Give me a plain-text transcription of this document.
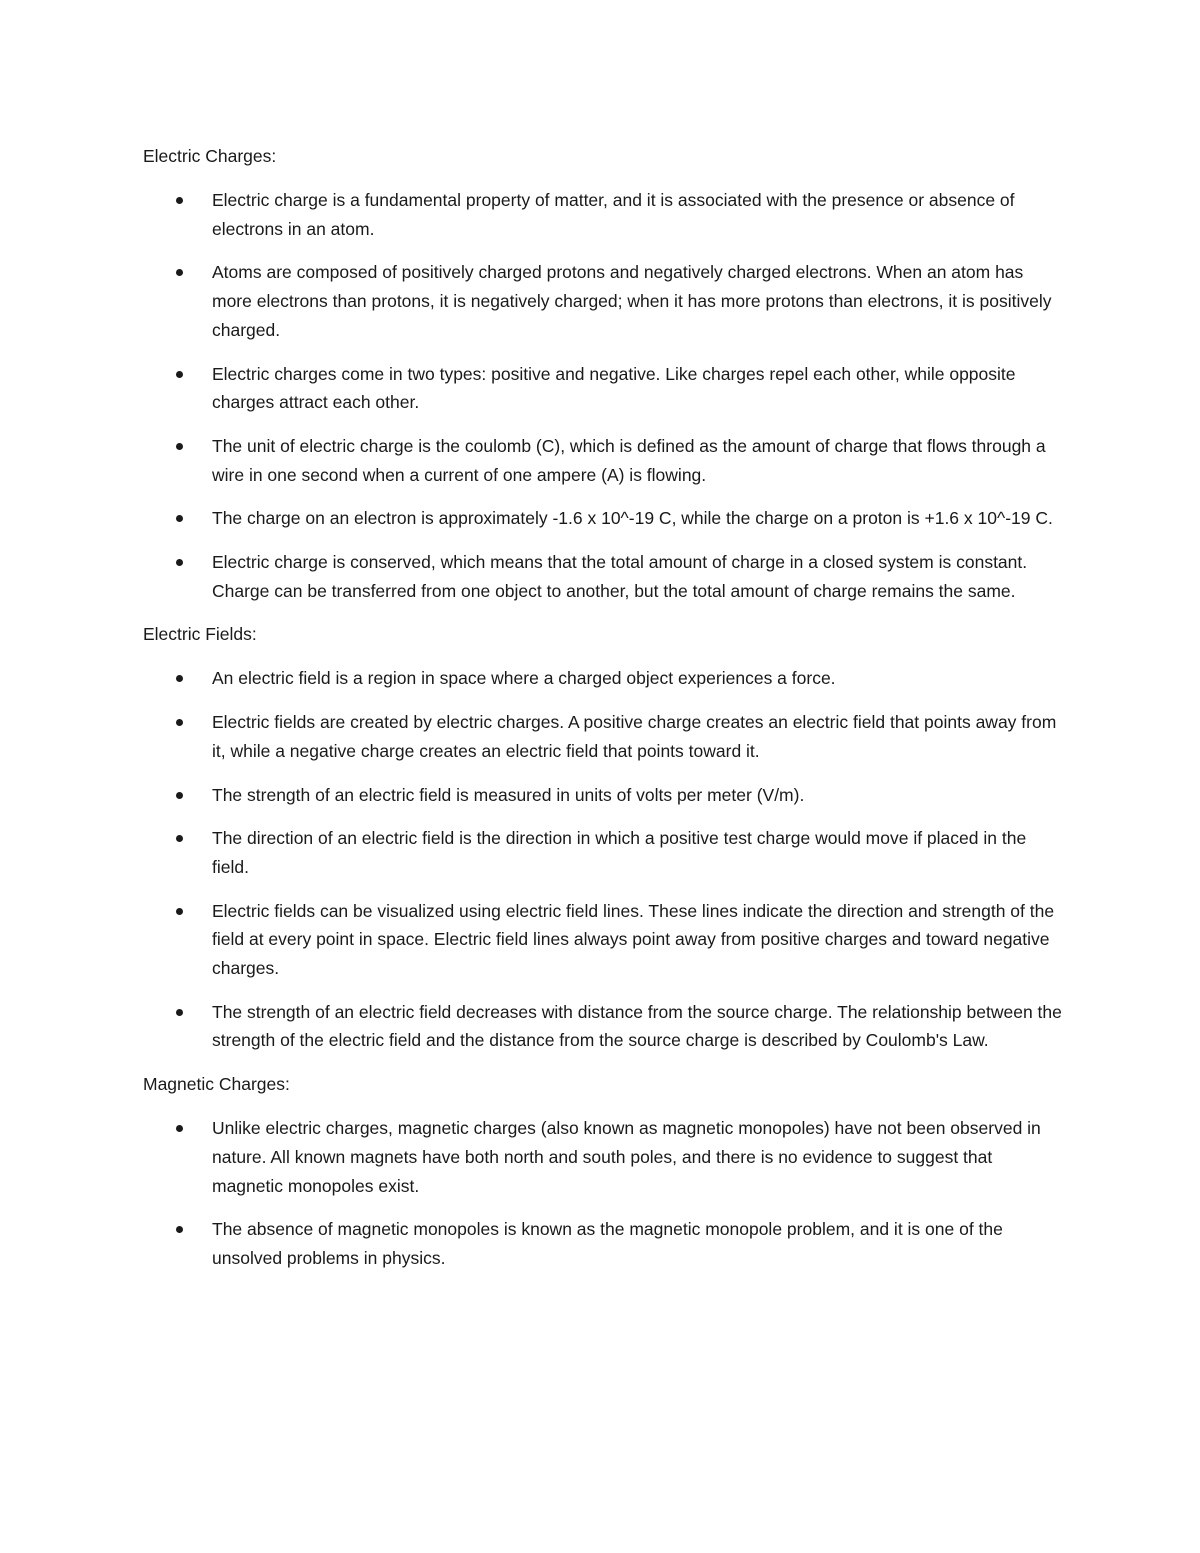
Electric Charges:
Electric charge is a fundamental property of matter, and it is associated with the presence or absence of electrons in an atom.
Atoms are composed of positively charged protons and negatively charged electrons. When an atom has more electrons than protons, it is negatively charged; when it has more protons than electrons, it is positively charged.
Electric charges come in two types: positive and negative. Like charges repel each other, while opposite charges attract each other.
The unit of electric charge is the coulomb (C), which is defined as the amount of charge that flows through a wire in one second when a current of one ampere (A) is flowing.
The charge on an electron is approximately -1.6 x 10^-19 C, while the charge on a proton is +1.6 x 10^-19 C.
Electric charge is conserved, which means that the total amount of charge in a closed system is constant. Charge can be transferred from one object to another, but the total amount of charge remains the same.
Electric Fields:
An electric field is a region in space where a charged object experiences a force.
Electric fields are created by electric charges. A positive charge creates an electric field that points away from it, while a negative charge creates an electric field that points toward it.
The strength of an electric field is measured in units of volts per meter (V/m).
The direction of an electric field is the direction in which a positive test charge would move if placed in the field.
Electric fields can be visualized using electric field lines. These lines indicate the direction and strength of the field at every point in space. Electric field lines always point away from positive charges and toward negative charges.
The strength of an electric field decreases with distance from the source charge. The relationship between the strength of the electric field and the distance from the source charge is described by Coulomb's Law.
Magnetic Charges:
Unlike electric charges, magnetic charges (also known as magnetic monopoles) have not been observed in nature. All known magnets have both north and south poles, and there is no evidence to suggest that magnetic monopoles exist.
The absence of magnetic monopoles is known as the magnetic monopole problem, and it is one of the unsolved problems in physics.
